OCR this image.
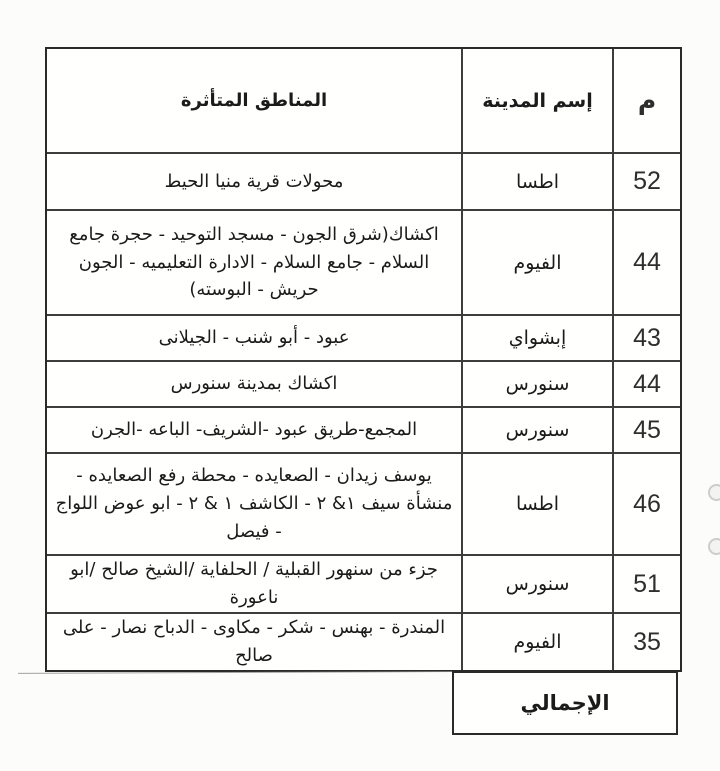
م
إسم المدينة
المناطق المتأثرة
52
اطسا
محولات قرية منيا الحيط
44
الفيوم
اكشاك(شرق الجون - مسجد التوحيد - حجرة جامع السلام - جامع السلام - الادارة التعليميه - الجون حريش - البوسته)
43
إبشواي
عبود - أبو شنب - الجيلانى
44
سنورس
اكشاك بمدينة سنورس
45
سنورس
المجمع-طريق عبود -الشريف- الباعه -الجرن
46
اطسا
يوسف زيدان - الصعايده - محطة رفع الصعايده - منشأة سيف ١& ٢ - الكاشف ١ & ٢ - ابو عوض اللواج - فيصل
51
سنورس
جزء من سنهور القبلية / الحلفاية /الشيخ صالح /ابو ناعورة
35
الفيوم
المندرة - بهنس - شكر - مكاوى - الدباح نصار - على صالح
الإجمالي
